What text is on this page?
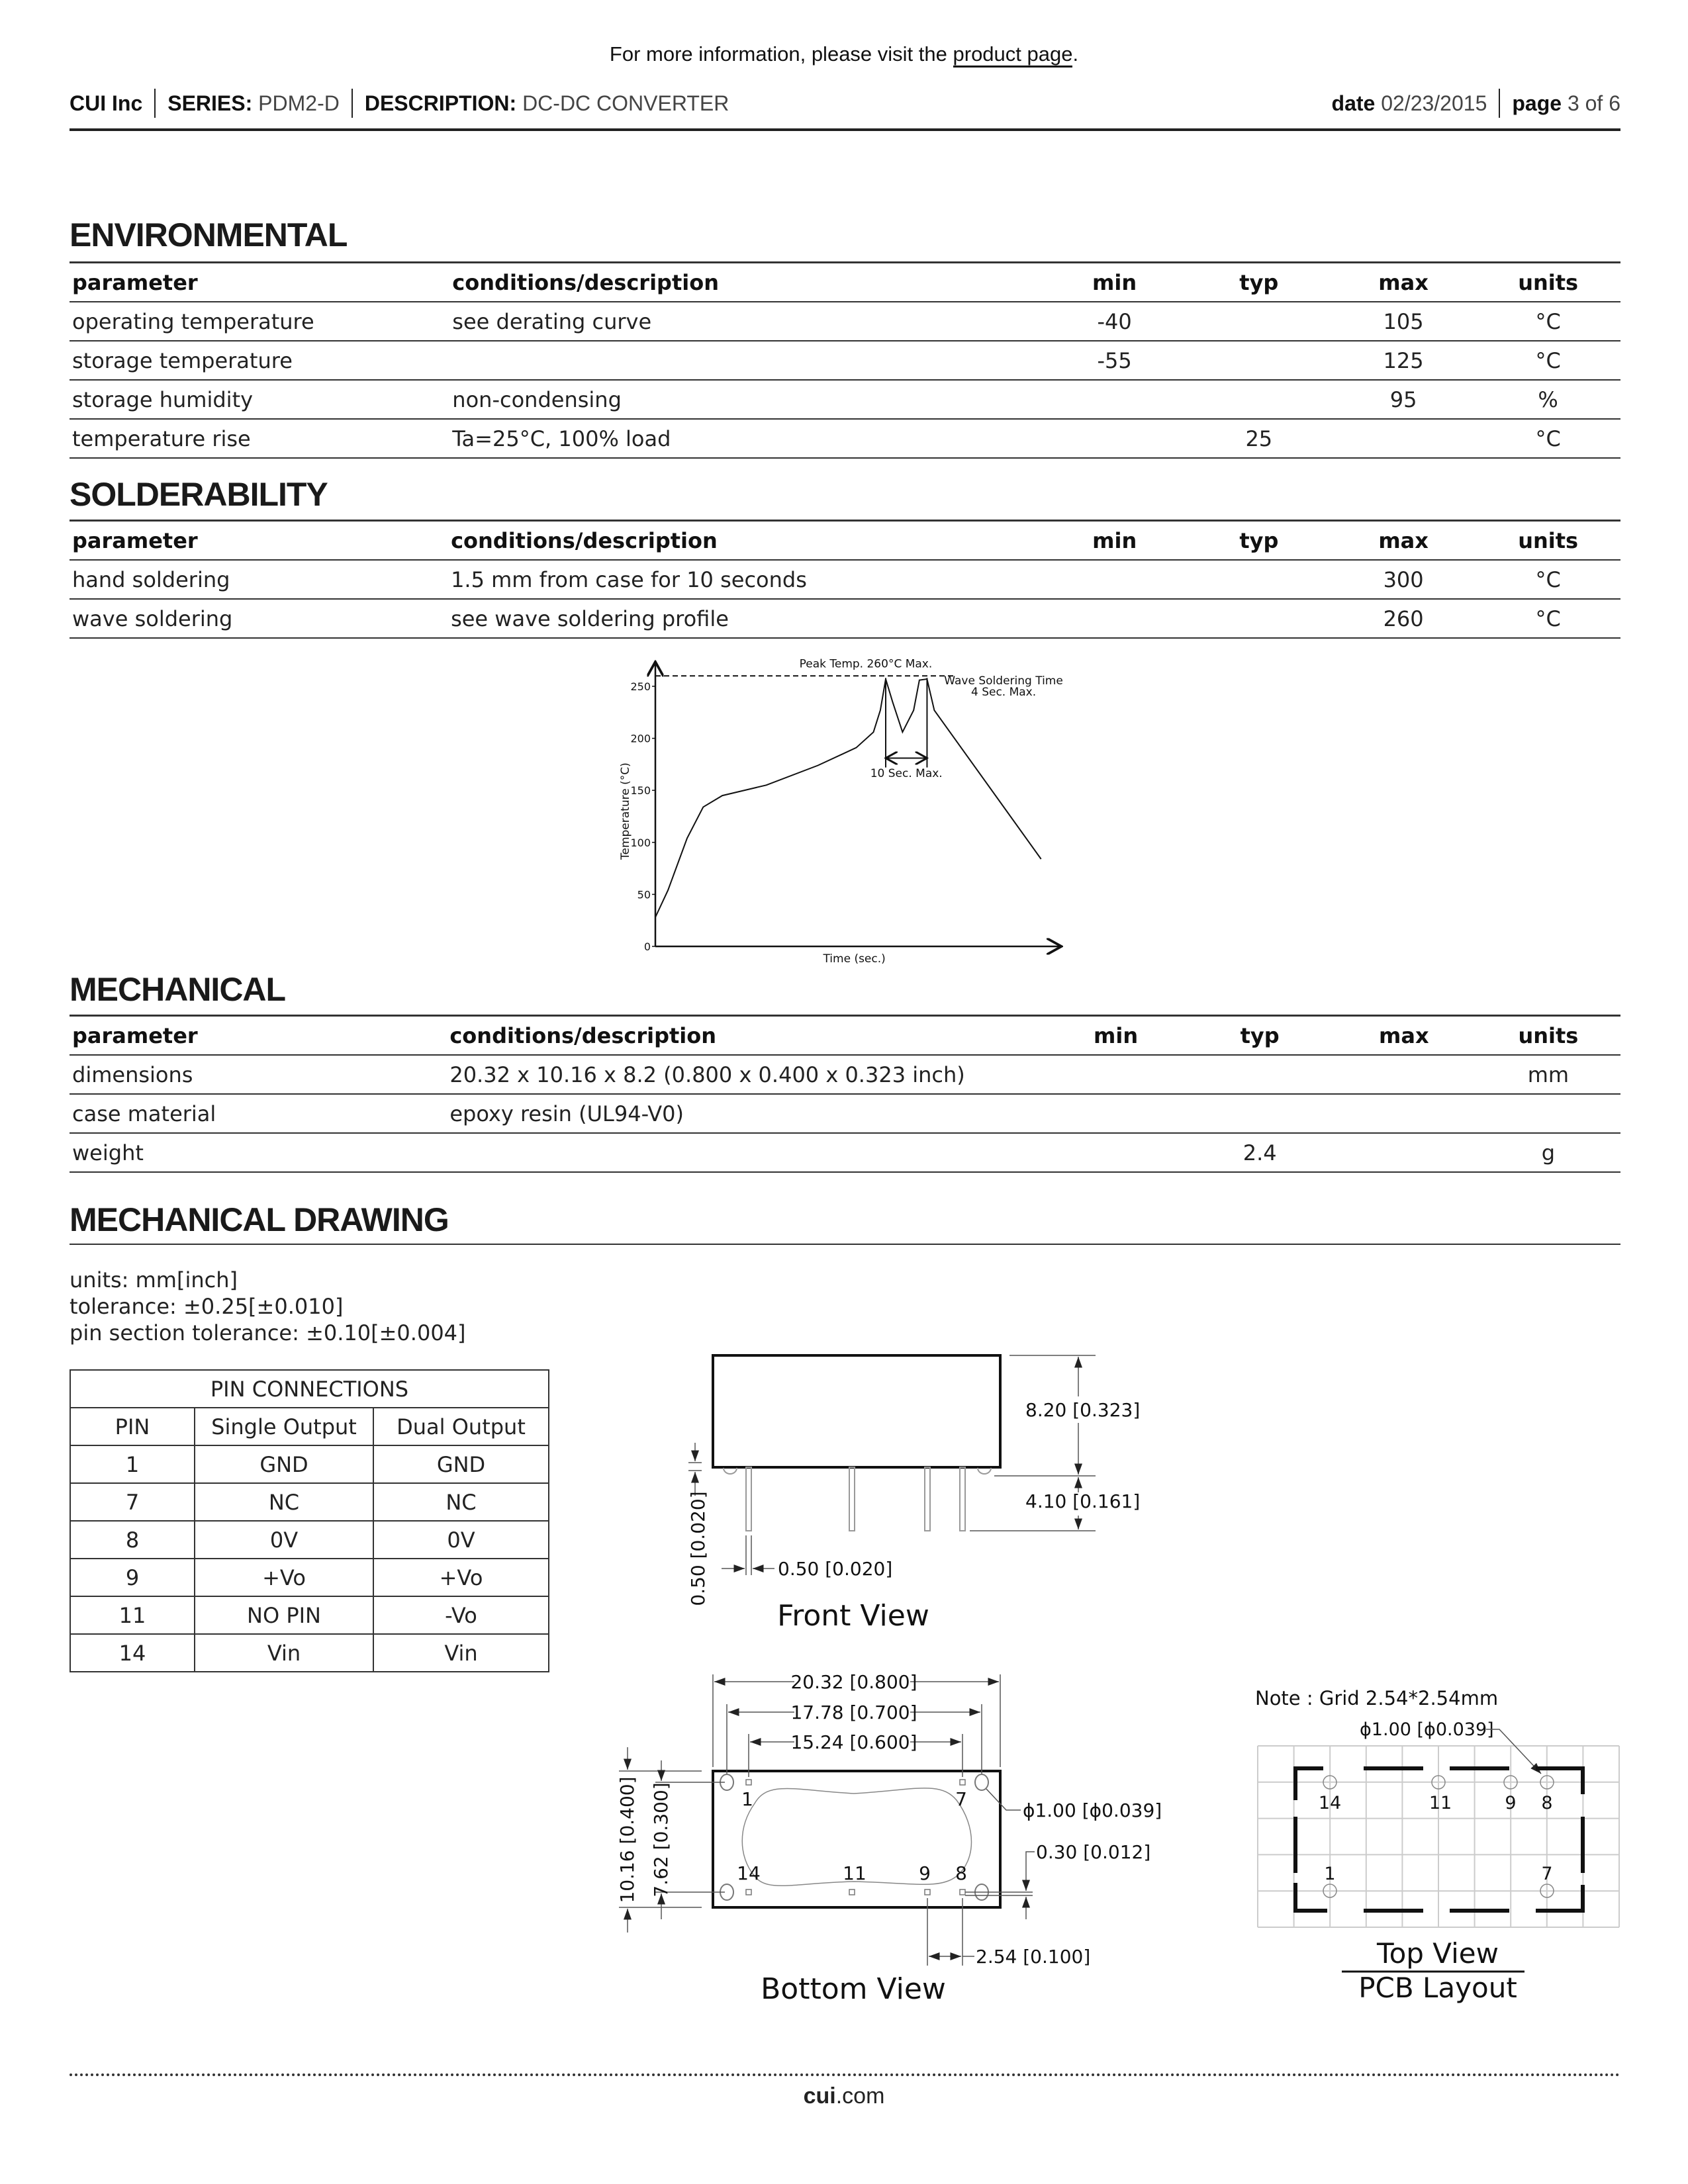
For more information, please visit the product page.
CUI Inc SERIES:
PDM2-D DESCRIPTION:
DC-DC CONVERTER	date
02/23/2015 page
3 of 6
ENVIRONMENTAL
parameter	conditions/description	min	typ	max	units
operating temperature	see derating curve	-40		105	°C
storage temperature		-55		125	°C
storage humidity	non-condensing			95	%
temperature rise	Ta=25°C, 100% load		25		°C
SOLDERABILITY
parameter	conditions/description	min	typ	max	units
hand soldering	1.5 mm from case for 10 seconds			300	°C
wave soldering	see wave soldering profile			260	°C
0
50
100
150
200
250
Peak Temp. 260°C Max.
Wave Soldering Time
4 Sec. Max.
10 Sec. Max.
Time (sec.)
Temperature (°C)
MECHANICAL
parameter	conditions/description	min	typ	max	units
dimensions	20.32 x 10.16 x 8.2 (0.800 x 0.400 x 0.323 inch)				mm
case material	epoxy resin (UL94-V0)				
weight			2.4		g
MECHANICAL DRAWING
units: mm[inch]
tolerance: ±0.25[±0.010]
pin section tolerance: ±0.10[±0.004]
PIN CONNECTIONS		
PIN	Single Output	Dual Output
1	GND	GND
7	NC	NC
8	0V	0V
9	+Vo	+Vo
11	NO PIN	-Vo
14	Vin	Vin
8.20 [0.323]
4.10 [0.161]
0.50 [0.020]	0.50 [0.020]
Front View
1	7
14	11	9 8
20.32 [0.800]
17.78 [0.700]
15.24 [0.600]
10.16 [0.400] 7.62 [0.300]	ϕ1.00 [ϕ0.039]
0.30 [0.012]
2.54 [0.100]
Bottom View
Note : Grid 2.54*2.54mm
ϕ1.00 [ϕ0.039]
14	11	9 8
1	7
Top View
PCB Layout
cui.com
